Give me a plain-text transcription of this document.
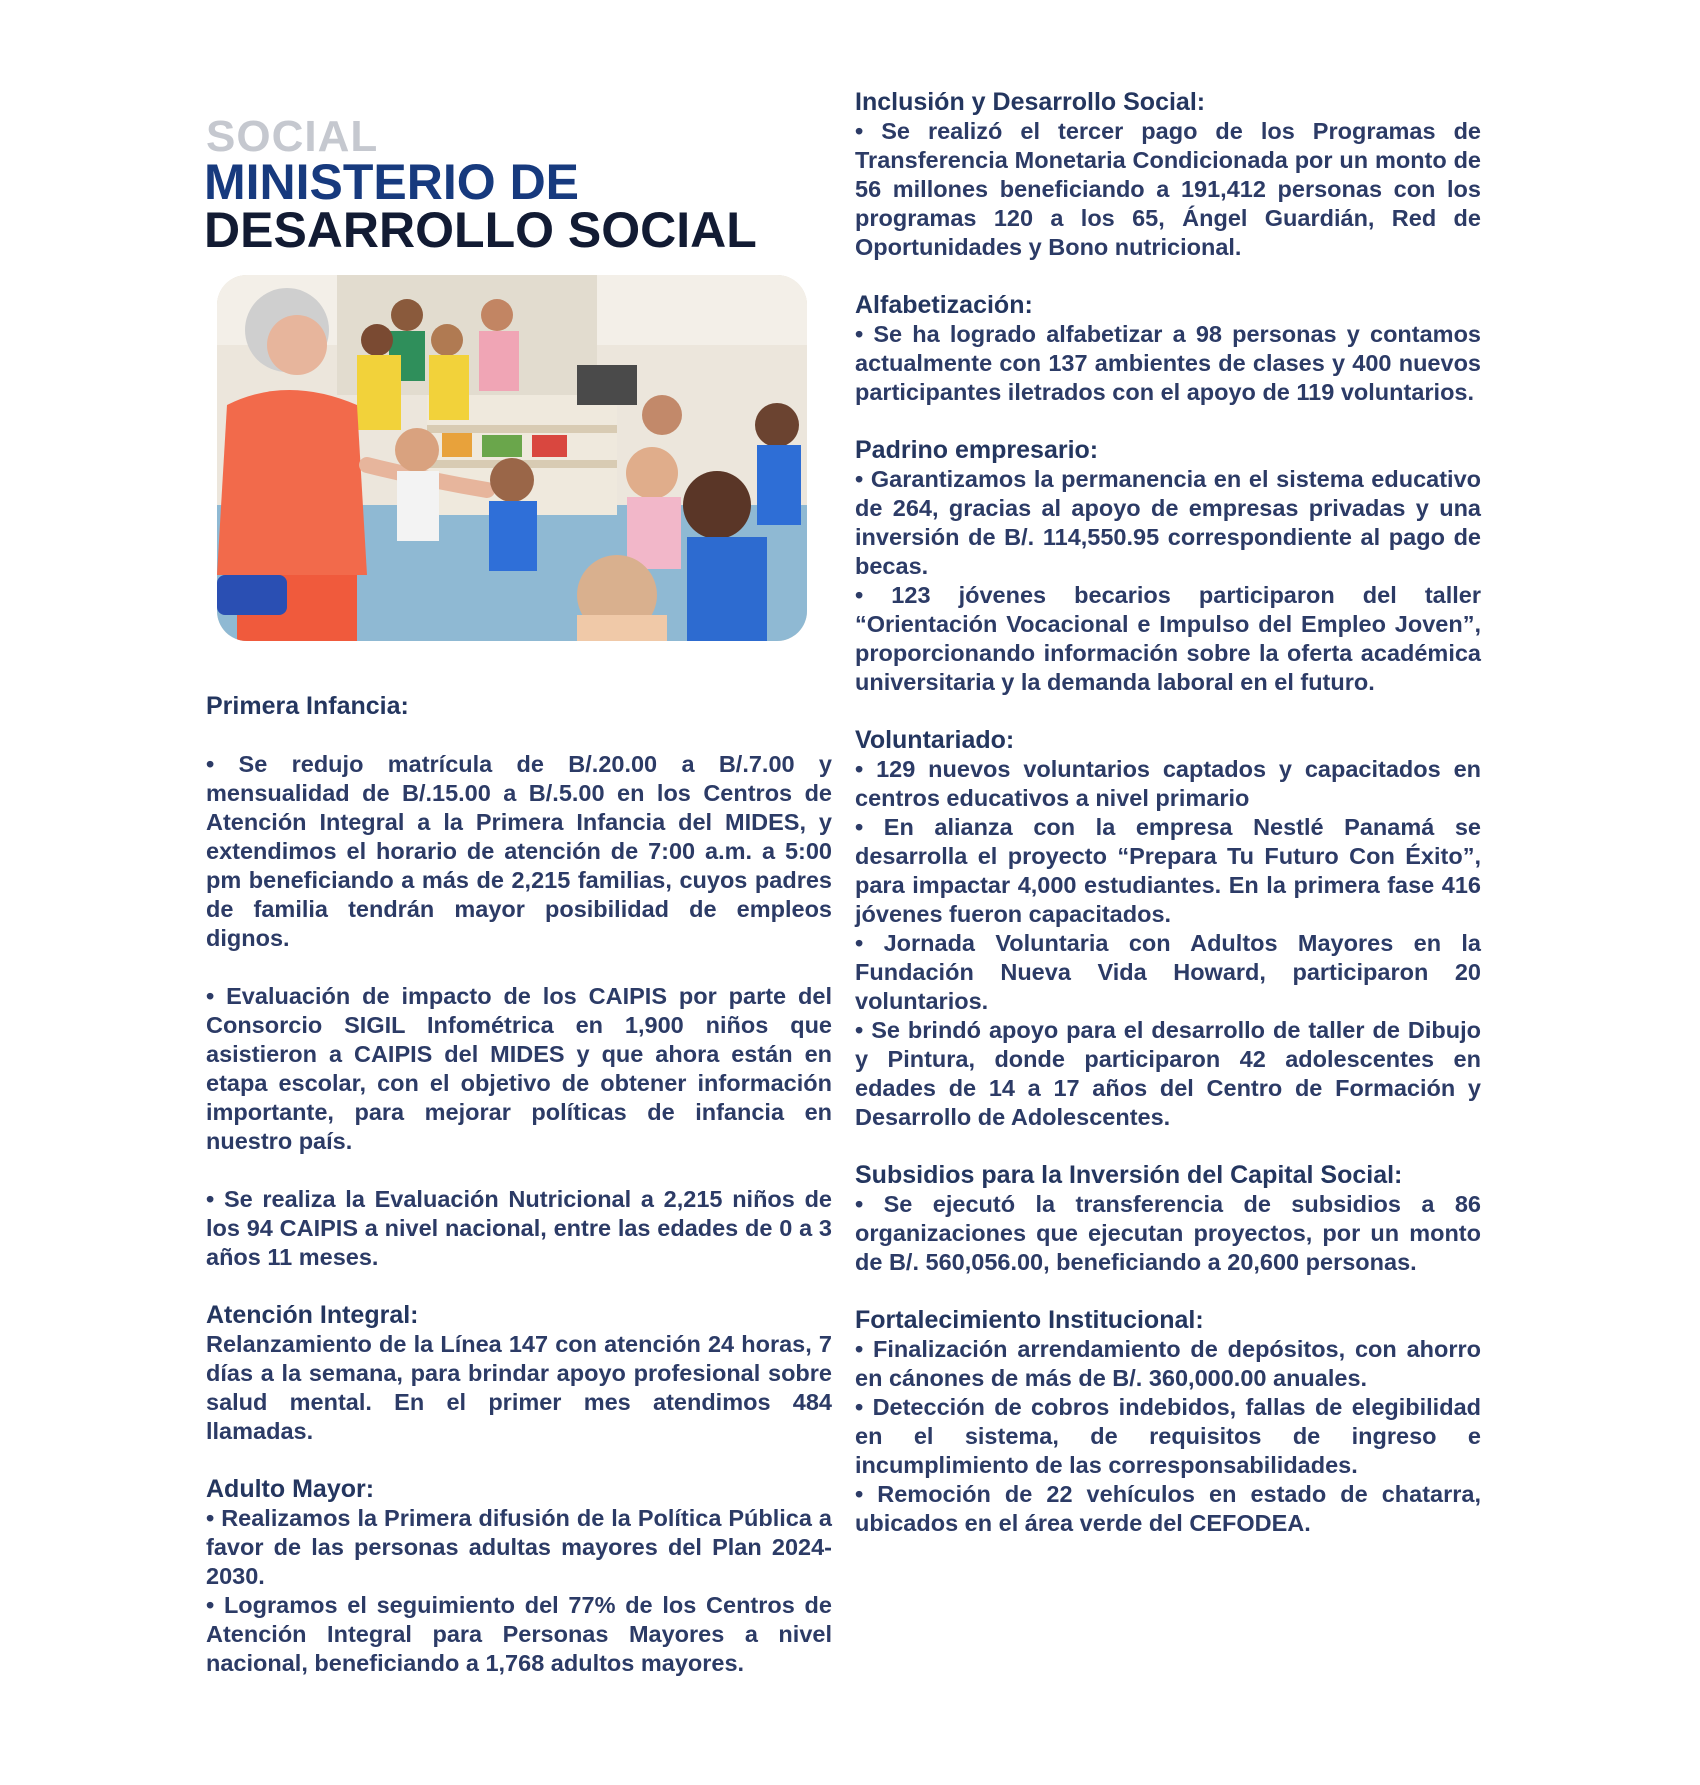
SOCIAL
MINISTERIO DE
DESARROLLO SOCIAL
Primera Infancia:

• Se redujo matrícula de B/.20.00 a B/.7.00 y mensualidad de B/.15.00 a B/.5.00 en los Centros de Atención Integral a la Primera Infancia del MIDES, y extendimos el horario de atención de 7:00 a.m. a 5:00 pm beneficiando a más de 2,215 familias, cuyos padres de familia tendrán mayor posibilidad de empleos dignos.

• Evaluación de impacto de los CAIPIS por parte del Consorcio SIGIL Infométrica en 1,900 niños que asistieron a CAIPIS del MIDES y que ahora están en etapa escolar, con el objetivo de obtener información importante, para mejorar políticas de infancia en nuestro país.

• Se realiza la Evaluación Nutricional a 2,215 niños de los 94 CAIPIS a nivel nacional, entre las edades de 0 a 3 años 11 meses.

Atención Integral:

Relanzamiento de la Línea 147 con atención 24 horas, 7 días a la semana, para brindar apoyo profesional sobre salud mental. En el primer mes atendimos 484 llamadas.

Adulto Mayor:

• Realizamos la Primera difusión de la Política Pública a favor de las personas adultas mayores del Plan 2024-2030.

• Logramos el seguimiento del 77% de los Centros de Atención Integral para Personas Mayores a nivel nacional, beneficiando a 1,768 adultos mayores.

Inclusión y Desarrollo Social:

• Se realizó el tercer pago de los Programas de Transferencia Monetaria Condicionada por un monto de 56 millones beneficiando a 191,412 personas con los programas 120 a los 65, Ángel Guardián, Red de Oportunidades y Bono nutricional.

Alfabetización:

• Se ha logrado alfabetizar a 98 personas y contamos actualmente con 137 ambientes de clases y 400 nuevos participantes iletrados con el apoyo de 119 voluntarios.

Padrino empresario:

• Garantizamos la permanencia en el sistema educativo de 264, gracias al apoyo de empresas privadas y una inversión de B/. 114,550.95 correspondiente al pago de becas.

• 123 jóvenes becarios participaron del taller “Orientación Vocacional e Impulso del Empleo Joven”, proporcionando información sobre la oferta académica universitaria y la demanda laboral en el futuro.

Voluntariado:

• 129 nuevos voluntarios captados y capacitados en centros educativos a nivel primario

• En alianza con la empresa Nestlé Panamá se desarrolla el proyecto “Prepara Tu Futuro Con Éxito”, para impactar 4,000 estudiantes. En la primera fase 416 jóvenes fueron capacitados.

• Jornada Voluntaria con Adultos Mayores en la Fundación Nueva Vida Howard, participaron 20 voluntarios.

• Se brindó apoyo para el desarrollo de taller de Dibujo y Pintura, donde participaron 42 adolescentes en edades de 14 a 17 años del Centro de Formación y Desarrollo de Adolescentes.

Subsidios para la Inversión del Capital Social:

• Se ejecutó la transferencia de subsidios a 86 organizaciones que ejecutan proyectos, por un monto de B/. 560,056.00, beneficiando a 20,600 personas.

Fortalecimiento Institucional:

• Finalización arrendamiento de depósitos, con ahorro en cánones de más de B/. 360,000.00 anuales.

• Detección de cobros indebidos, fallas de elegibilidad en el sistema, de requisitos de ingreso e incumplimiento de las corresponsabilidades.

• Remoción de 22 vehículos en estado de chatarra, ubicados en el área verde del CEFODEA.
